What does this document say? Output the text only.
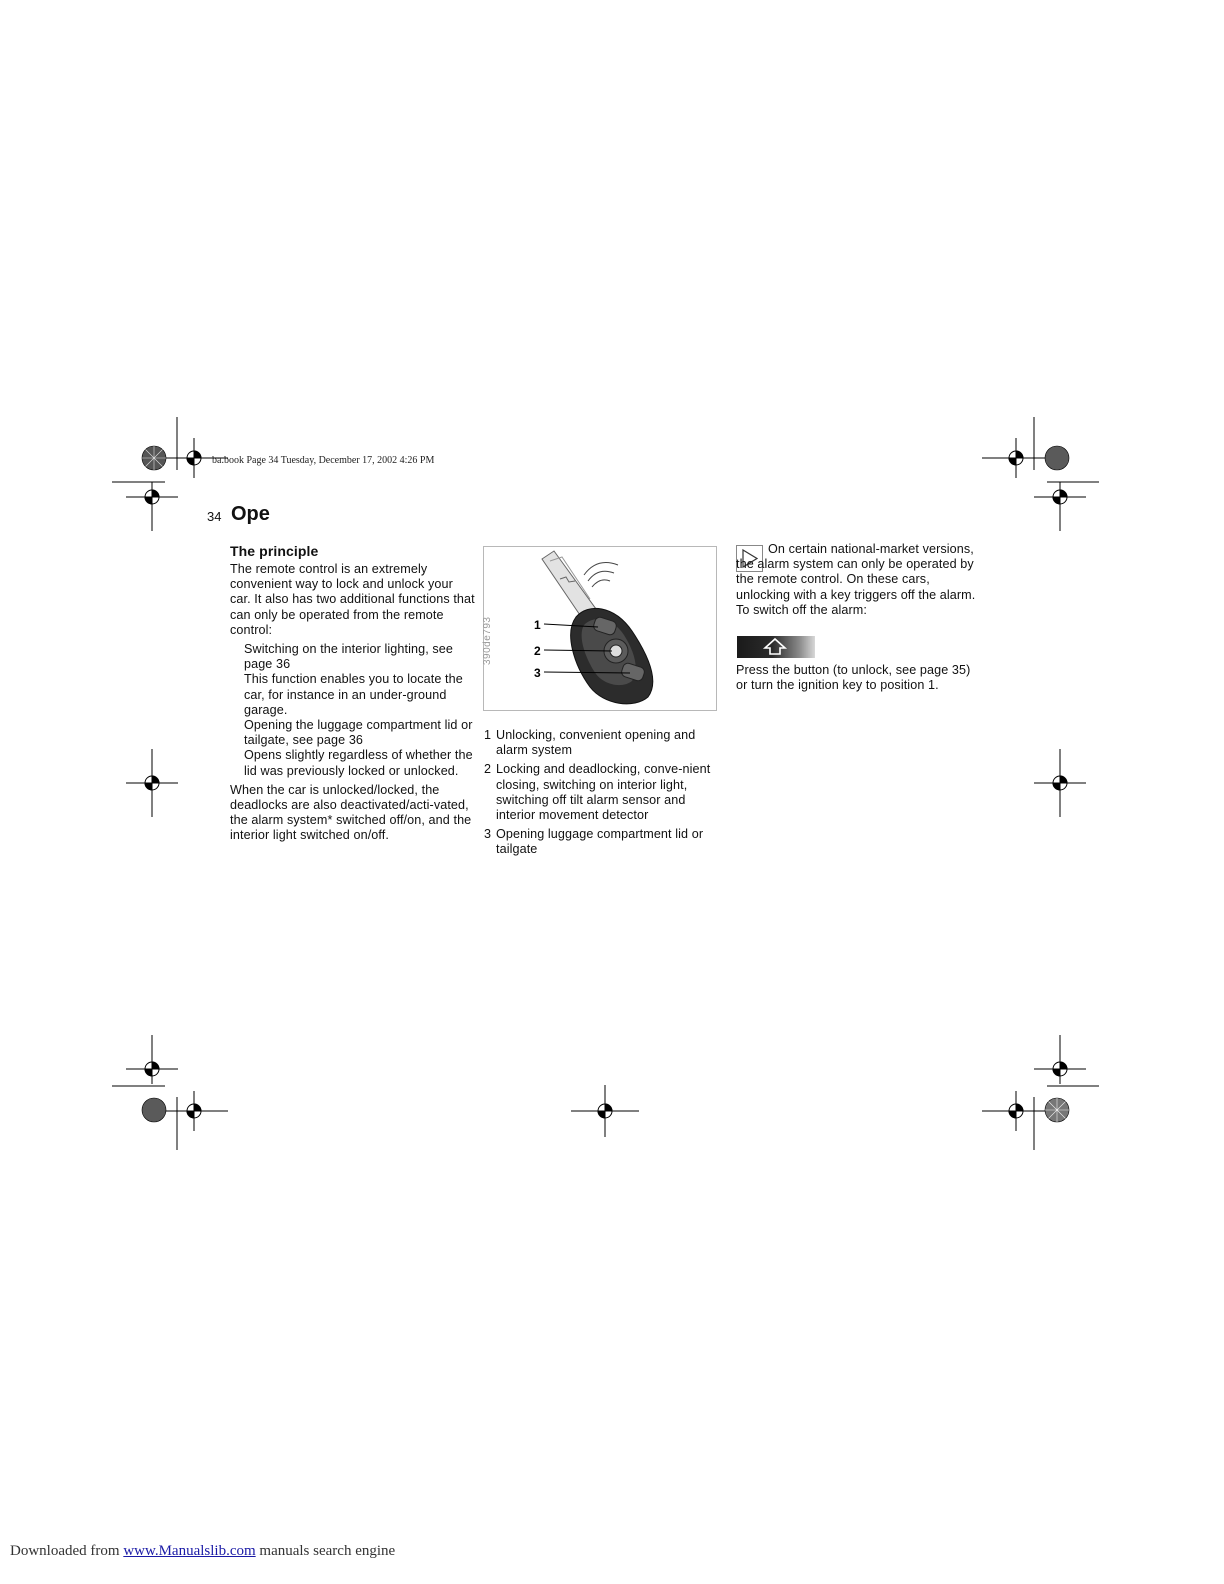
ba.book Page 34 Tuesday, December 17, 2002 4:26 PM
34 Ope
The principle

The remote control is an extremely convenient way to lock and unlock your car. It also has two additional functions that can only be operated from the remote control:

Switching on the interior lighting, see page 36
This function enables you to locate the car, for instance in an under-ground garage.
Opening the luggage compartment lid or tailgate, see page 36
Opens slightly regardless of whether the lid was previously locked or unlocked.

When the car is unlocked/locked, the deadlocks are also deactivated/acti-vated, the alarm system* switched off/on, and the interior light switched on/off.

390de793	1
2
3
1 Unlocking, convenient opening and alarm system
2 Locking and deadlocking, conve-nient closing, switching on interior light, switching off tilt alarm sensor and interior movement detector
3 Opening luggage compartment lid or tailgate

On certain national-market versions, the alarm system can only be operated by the remote control. On these cars, unlocking with a key triggers off the alarm.

To switch off the alarm:

Press the button (to unlock, see page 35) or turn the ignition key to position 1.

Downloaded from www.Manualslib.com manuals search engine
